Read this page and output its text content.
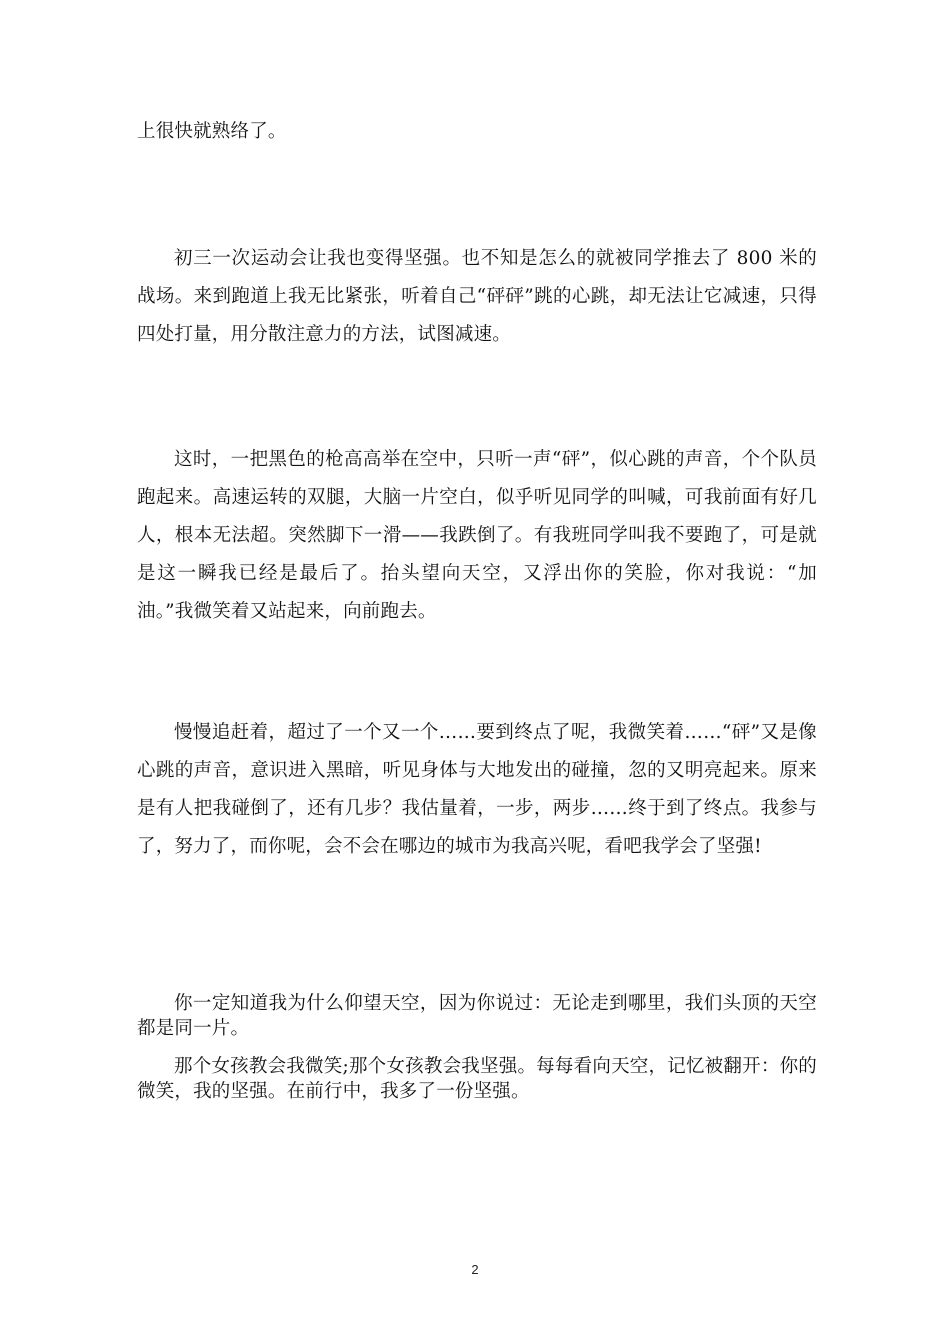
上很快就熟络了。

初三一次运动会让我也变得坚强。也不知是怎么的就被同学推去了 800 米的战场。来到跑道上我无比紧张，听着自己“砰砰”跳的心跳，却无法让它减速，只得四处打量，用分散注意力的方法，试图减速。

这时，一把黑色的枪高高举在空中，只听一声“砰”，似心跳的声音，个个队员跑起来。高速运转的双腿，大脑一片空白，似乎听见同学的叫喊，可我前面有好几人，根本无法超。突然脚下一滑——我跌倒了。有我班同学叫我不要跑了，可是就是这一瞬我已经是最后了。抬头望向天空，又浮出你的笑脸，你对我说：“加油。”我微笑着又站起来，向前跑去。

慢慢追赶着，超过了一个又一个……要到终点了呢，我微笑着……“砰”又是像心跳的声音，意识进入黑暗，听见身体与大地发出的碰撞，忽的又明亮起来。原来是有人把我碰倒了，还有几步？我估量着，一步，两步……终于到了终点。我参与了，努力了，而你呢，会不会在哪边的城市为我高兴呢，看吧我学会了坚强!

你一定知道我为什么仰望天空，因为你说过：无论走到哪里，我们头顶的天空都是同一片。

那个女孩教会我微笑;那个女孩教会我坚强。每每看向天空，记忆被翻开：你的微笑，我的坚强。在前行中，我多了一份坚强。

2
